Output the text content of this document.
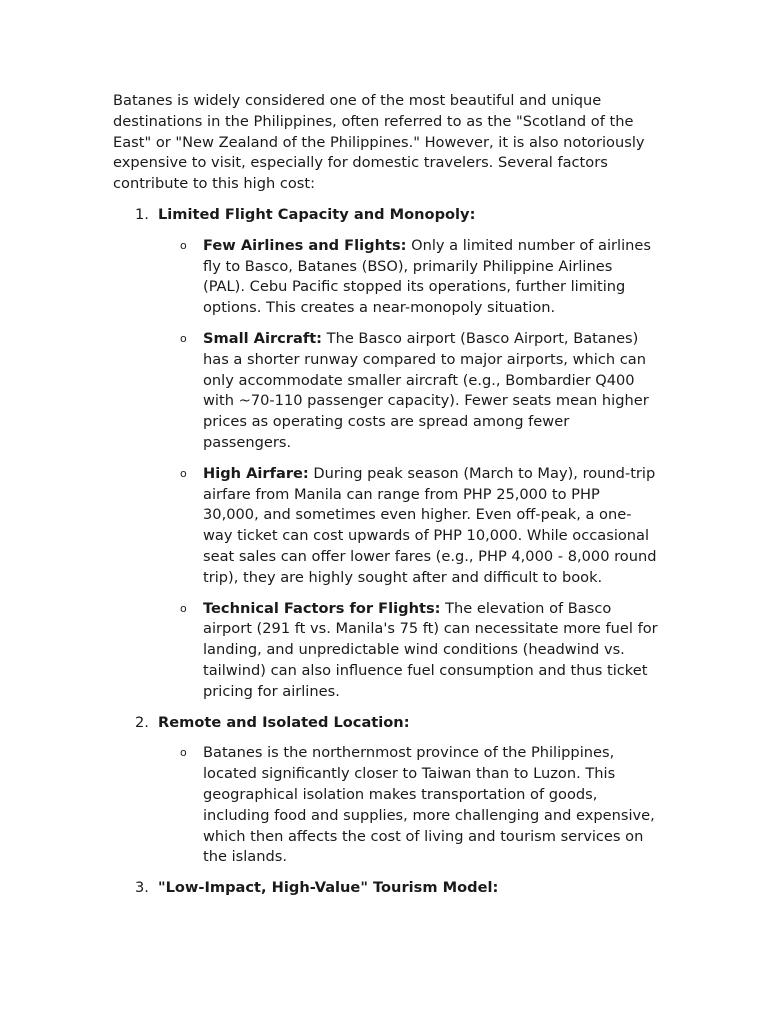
Batanes is widely considered one of the most beautiful and unique destinations in the Philippines, often referred to as the "Scotland of the East" or "New Zealand of the Philippines." However, it is also notoriously expensive to visit, especially for domestic travelers. Several factors contribute to this high cost:

1. Limited Flight Capacity and Monopoly:
o Few Airlines and Flights: Only a limited number of airlines fly to Basco, Batanes (BSO), primarily Philippine Airlines (PAL). Cebu Pacific stopped its operations, further limiting options. This creates a near-monopoly situation.
o Small Aircraft: The Basco airport (Basco Airport, Batanes) has a shorter runway compared to major airports, which can only accommodate smaller aircraft (e.g., Bombardier Q400 with ~70-110 passenger capacity). Fewer seats mean higher prices as operating costs are spread among fewer passengers.
o High Airfare: During peak season (March to May), round-trip airfare from Manila can range from PHP 25,000 to PHP 30,000, and sometimes even higher. Even off-peak, a one-way ticket can cost upwards of PHP 10,000. While occasional seat sales can offer lower fares (e.g., PHP 4,000 - 8,000 round trip), they are highly sought after and difficult to book.
o Technical Factors for Flights: The elevation of Basco airport (291 ft vs. Manila's 75 ft) can necessitate more fuel for landing, and unpredictable wind conditions (headwind vs. tailwind) can also influence fuel consumption and thus ticket pricing for airlines.
2. Remote and Isolated Location:
o Batanes is the northernmost province of the Philippines, located significantly closer to Taiwan than to Luzon. This geographical isolation makes transportation of goods, including food and supplies, more challenging and expensive, which then affects the cost of living and tourism services on the islands.
3. "Low-Impact, High-Value" Tourism Model:
